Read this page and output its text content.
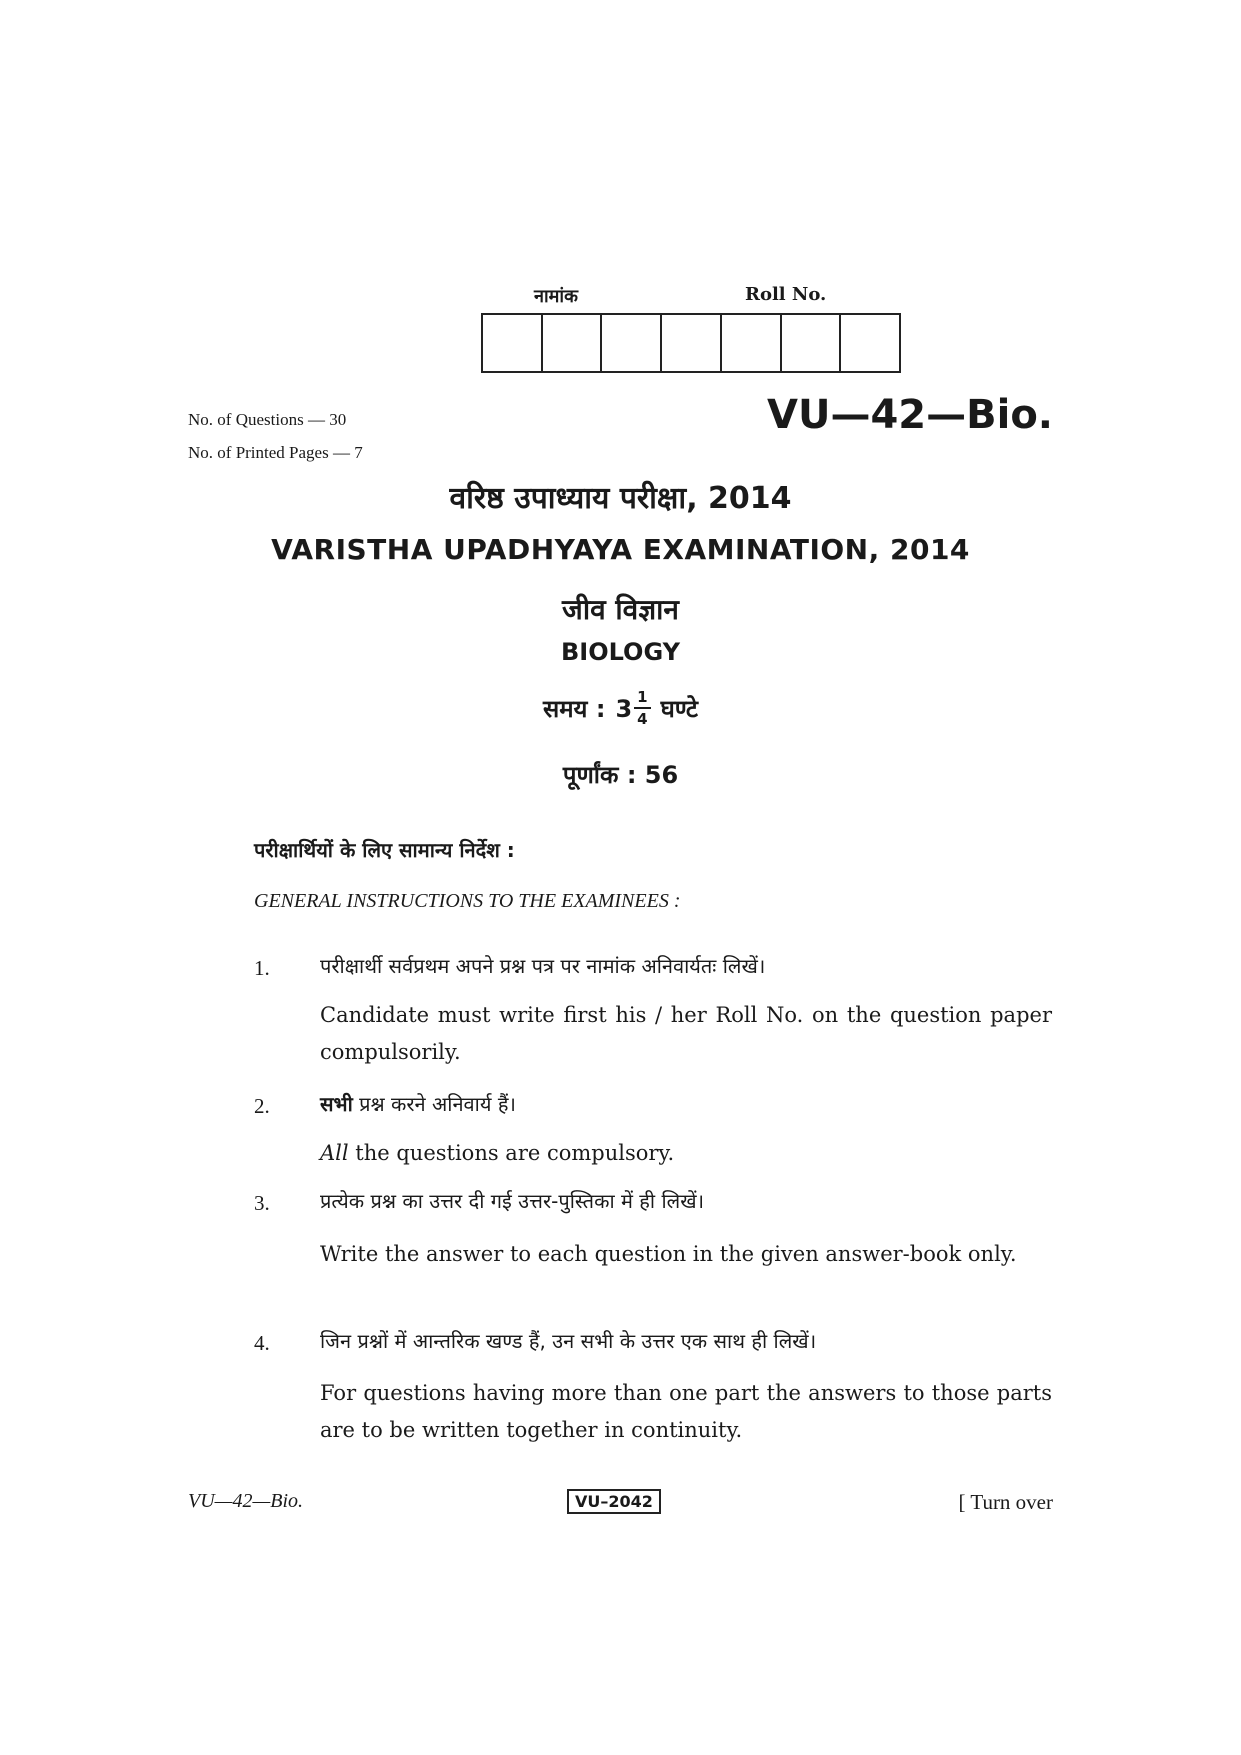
नामांक	Roll No.
No. of Questions — 30
No. of Printed Pages — 7
VU—42—Bio.
वरिष्ठ उपाध्याय परीक्षा, 2014
VARISTHA UPADHYAYA EXAMINATION, 2014
जीव विज्ञान
BIOLOGY
समय : $3 \frac{1}{4}$ घण्टे
पूर्णांक : 56
परीक्षार्थियों के लिए सामान्य निर्देश :
GENERAL INSTRUCTIONS TO THE EXAMINEES :
1.	परीक्षार्थी सर्वप्रथम अपने प्रश्न पत्र पर नामांक अनिवार्यतः लिखें।
Candidate must write first his / her Roll No. on the question paper compulsorily.
2.	सभी प्रश्न करने अनिवार्य हैं।
All the questions are compulsory.
3.	प्रत्येक प्रश्न का उत्तर दी गई उत्तर-पुस्तिका में ही लिखें।
Write the answer to each question in the given answer-book only.
4.	जिन प्रश्नों में आन्तरिक खण्ड हैं, उन सभी के उत्तर एक साथ ही लिखें।
For questions having more than one part the answers to those parts are to be written together in continuity.
VU—42—Bio.	VU–2042	[ Turn over
